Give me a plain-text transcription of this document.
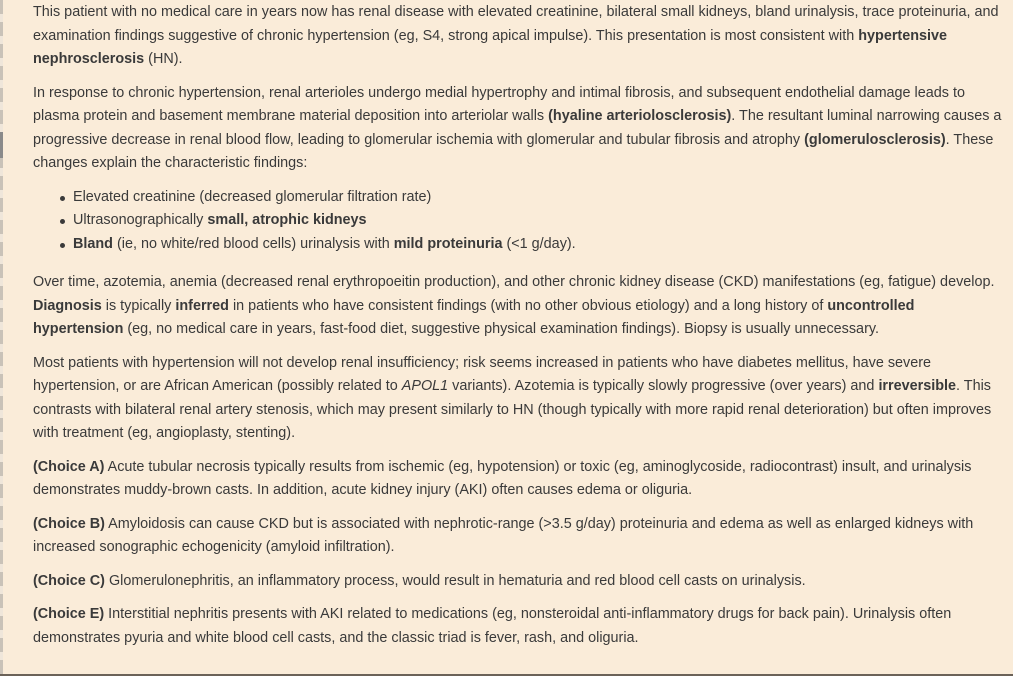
This patient with no medical care in years now has renal disease with elevated creatinine, bilateral small kidneys, bland urinalysis, trace proteinuria, and examination findings suggestive of chronic hypertension (eg, S4, strong apical impulse). This presentation is most consistent with hypertensive nephrosclerosis (HN).

In response to chronic hypertension, renal arterioles undergo medial hypertrophy and intimal fibrosis, and subsequent endothelial damage leads to plasma protein and basement membrane material deposition into arteriolar walls (hyaline arteriolosclerosis). The resultant luminal narrowing causes a progressive decrease in renal blood flow, leading to glomerular ischemia with glomerular and tubular fibrosis and atrophy (glomerulosclerosis). These changes explain the characteristic findings:

Elevated creatinine (decreased glomerular filtration rate)
Ultrasonographically small, atrophic kidneys
Bland (ie, no white/red blood cells) urinalysis with mild proteinuria (<1 g/day).

Over time, azotemia, anemia (decreased renal erythropoeitin production), and other chronic kidney disease (CKD) manifestations (eg, fatigue) develop. Diagnosis is typically inferred in patients who have consistent findings (with no other obvious etiology) and a long history of uncontrolled hypertension (eg, no medical care in years, fast-food diet, suggestive physical examination findings). Biopsy is usually unnecessary.

Most patients with hypertension will not develop renal insufficiency; risk seems increased in patients who have diabetes mellitus, have severe hypertension, or are African American (possibly related to APOL1 variants). Azotemia is typically slowly progressive (over years) and irreversible. This contrasts with bilateral renal artery stenosis, which may present similarly to HN (though typically with more rapid renal deterioration) but often improves with treatment (eg, angioplasty, stenting).

(Choice A) Acute tubular necrosis typically results from ischemic (eg, hypotension) or toxic (eg, aminoglycoside, radiocontrast) insult, and urinalysis demonstrates muddy-brown casts. In addition, acute kidney injury (AKI) often causes edema or oliguria.

(Choice B) Amyloidosis can cause CKD but is associated with nephrotic-range (>3.5 g/day) proteinuria and edema as well as enlarged kidneys with increased sonographic echogenicity (amyloid infiltration).

(Choice C) Glomerulonephritis, an inflammatory process, would result in hematuria and red blood cell casts on urinalysis.

(Choice E) Interstitial nephritis presents with AKI related to medications (eg, nonsteroidal anti-inflammatory drugs for back pain). Urinalysis often demonstrates pyuria and white blood cell casts, and the classic triad is fever, rash, and oliguria.
